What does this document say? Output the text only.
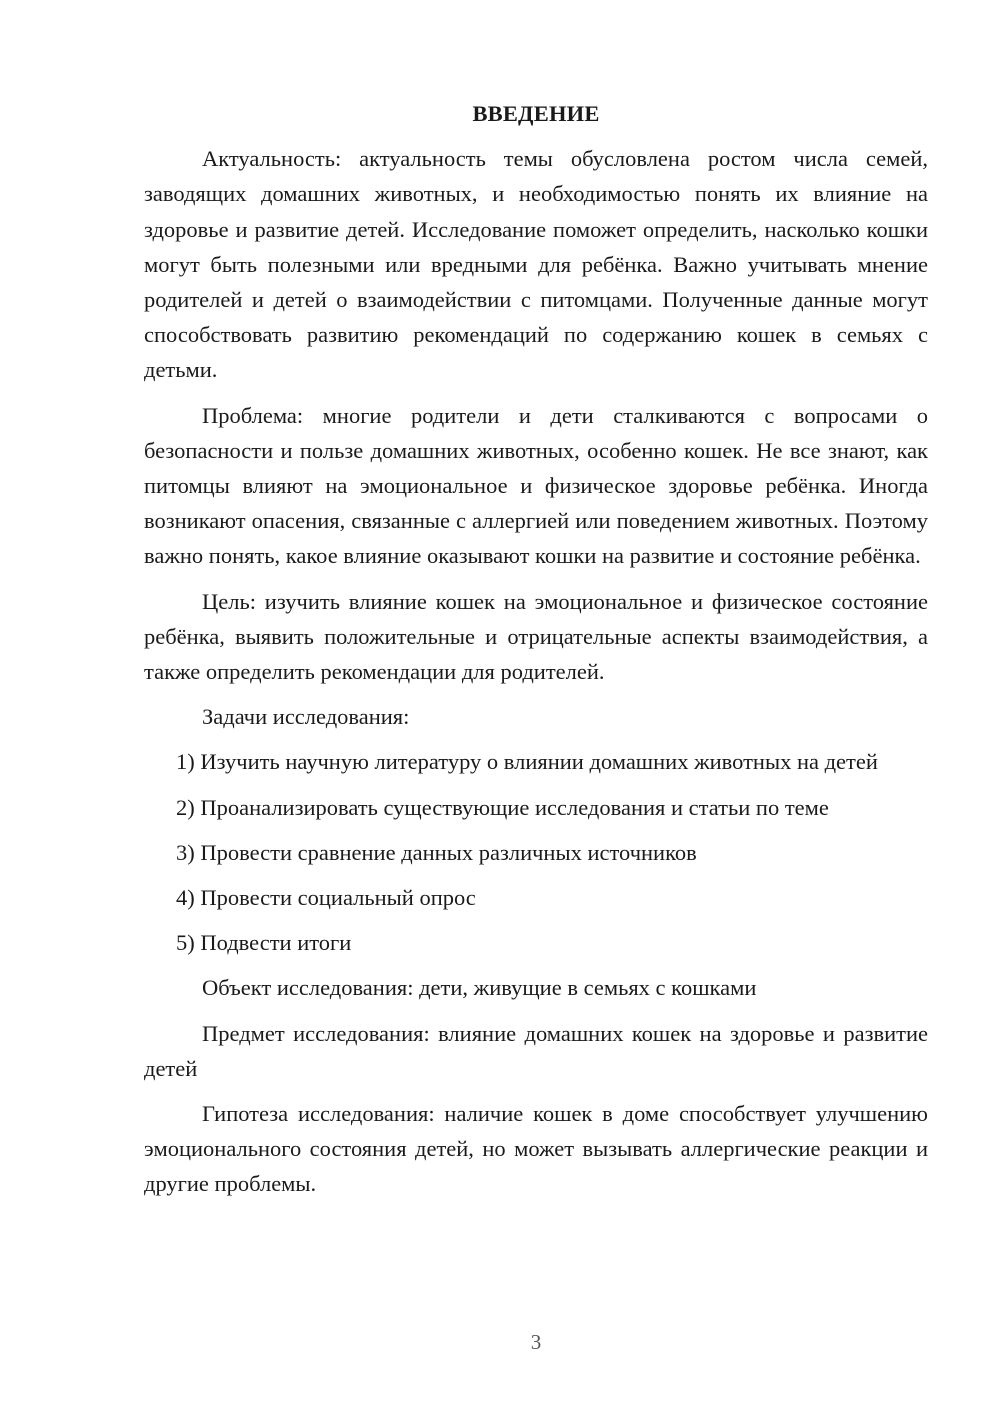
ВВЕДЕНИЕ

Актуальность: актуальность темы обусловлена ростом числа семей, заводящих домашних животных, и необходимостью понять их влияние на здоровье и развитие детей. Исследование поможет определить, насколько кошки могут быть полезными или вредными для ребёнка. Важно учитывать мнение родителей и детей о взаимодействии с питомцами. Полученные данные могут способствовать развитию рекомендаций по содержанию кошек в семьях с детьми.

Проблема: многие родители и дети сталкиваются с вопросами о безопасности и пользе домашних животных, особенно кошек. Не все знают, как питомцы влияют на эмоциональное и физическое здоровье ребёнка. Иногда возникают опасения, связанные с аллергией или поведением животных. Поэтому важно понять, какое влияние оказывают кошки на развитие и состояние ребёнка.

Цель: изучить влияние кошек на эмоциональное и физическое состояние ребёнка, выявить положительные и отрицательные аспекты взаимодействия, а также определить рекомендации для родителей.

Задачи исследования:

1) Изучить научную литературу о влиянии домашних животных на детей

2) Проанализировать существующие исследования и статьи по теме

3) Провести сравнение данных различных источников

4) Провести социальный опрос

5) Подвести итоги

Объект исследования: дети, живущие в семьях с кошками

Предмет исследования: влияние домашних кошек на здоровье и развитие детей

Гипотеза исследования: наличие кошек в доме способствует улучшению эмоционального состояния детей, но может вызывать аллергические реакции и другие проблемы.

3
